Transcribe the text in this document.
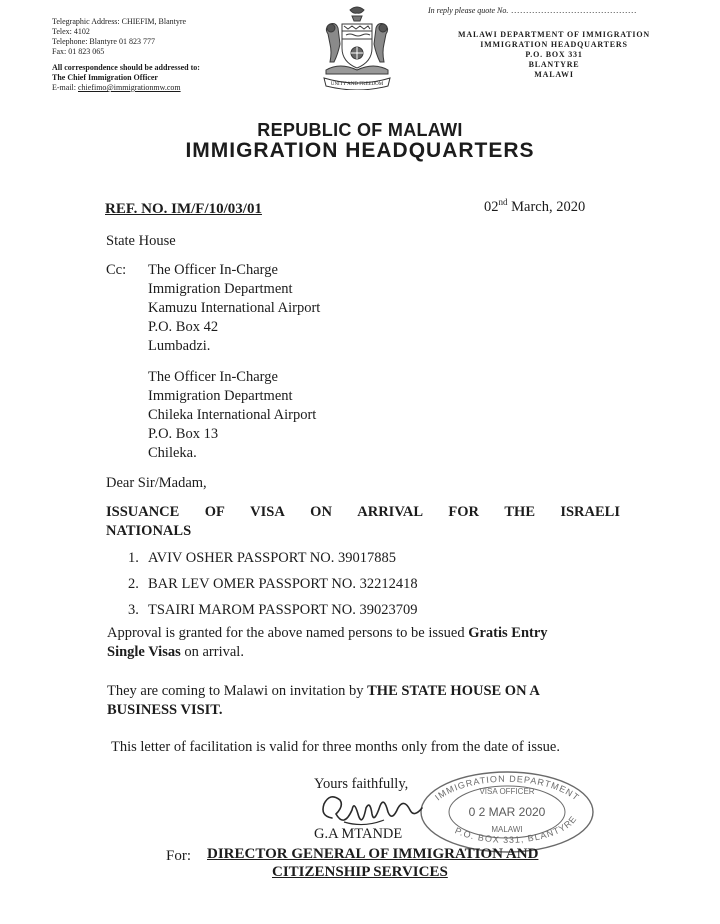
Telegraphic Address: CHIEFIM, Blantyre
Telex: 4102
Telephone: Blantyre 01 823 777
Fax: 01 823 065
All correspondence should be addressed to:
The Chief Immigration Officer
E-mail: chiefimo@immigrationmw.com	UNITY AND FREEDOM
In reply please quote No. ..........................................
MALAWI DEPARTMENT OF IMMIGRATION
IMMIGRATION HEADQUARTERS
P.O. BOX 331
BLANTYRE
MALAWI
REPUBLIC OF MALAWI
IMMIGRATION HEADQUARTERS
REF. NO. IM/F/10/03/01	02nd March, 2020
State House
Cc: The Officer In-Charge
Immigration Department
Kamuzu International Airport
P.O. Box 42
Lumbadzi.
The Officer In-Charge
Immigration Department
Chileka International Airport
P.O. Box 13
Chileka.
Dear Sir/Madam,
ISSUANCE OF VISA ON ARRIVAL FOR THE ISRAELI
NATIONALS
1. AVIV OSHER PASSPORT NO. 39017885
2. BAR LEV OMER PASSPORT NO. 32212418
3. TSAIRI MAROM PASSPORT NO. 39023709
Approval is granted for the above named persons to be issued Gratis Entry
Single Visas on arrival.
They are coming to Malawi on invitation by THE STATE HOUSE ON A
BUSINESS VISIT.
This letter of facilitation is valid for three months only from the date of issue.
Yours faithfully,
IMMIGRATION DEPARTMENT
P.O. BOX 331, BLANTYRE
VISA OFFICER
0 2 MAR 2020
MALAWI
G.A MTANDE
For: DIRECTOR GENERAL OF IMMIGRATION AND
CITIZENSHIP SERVICES
